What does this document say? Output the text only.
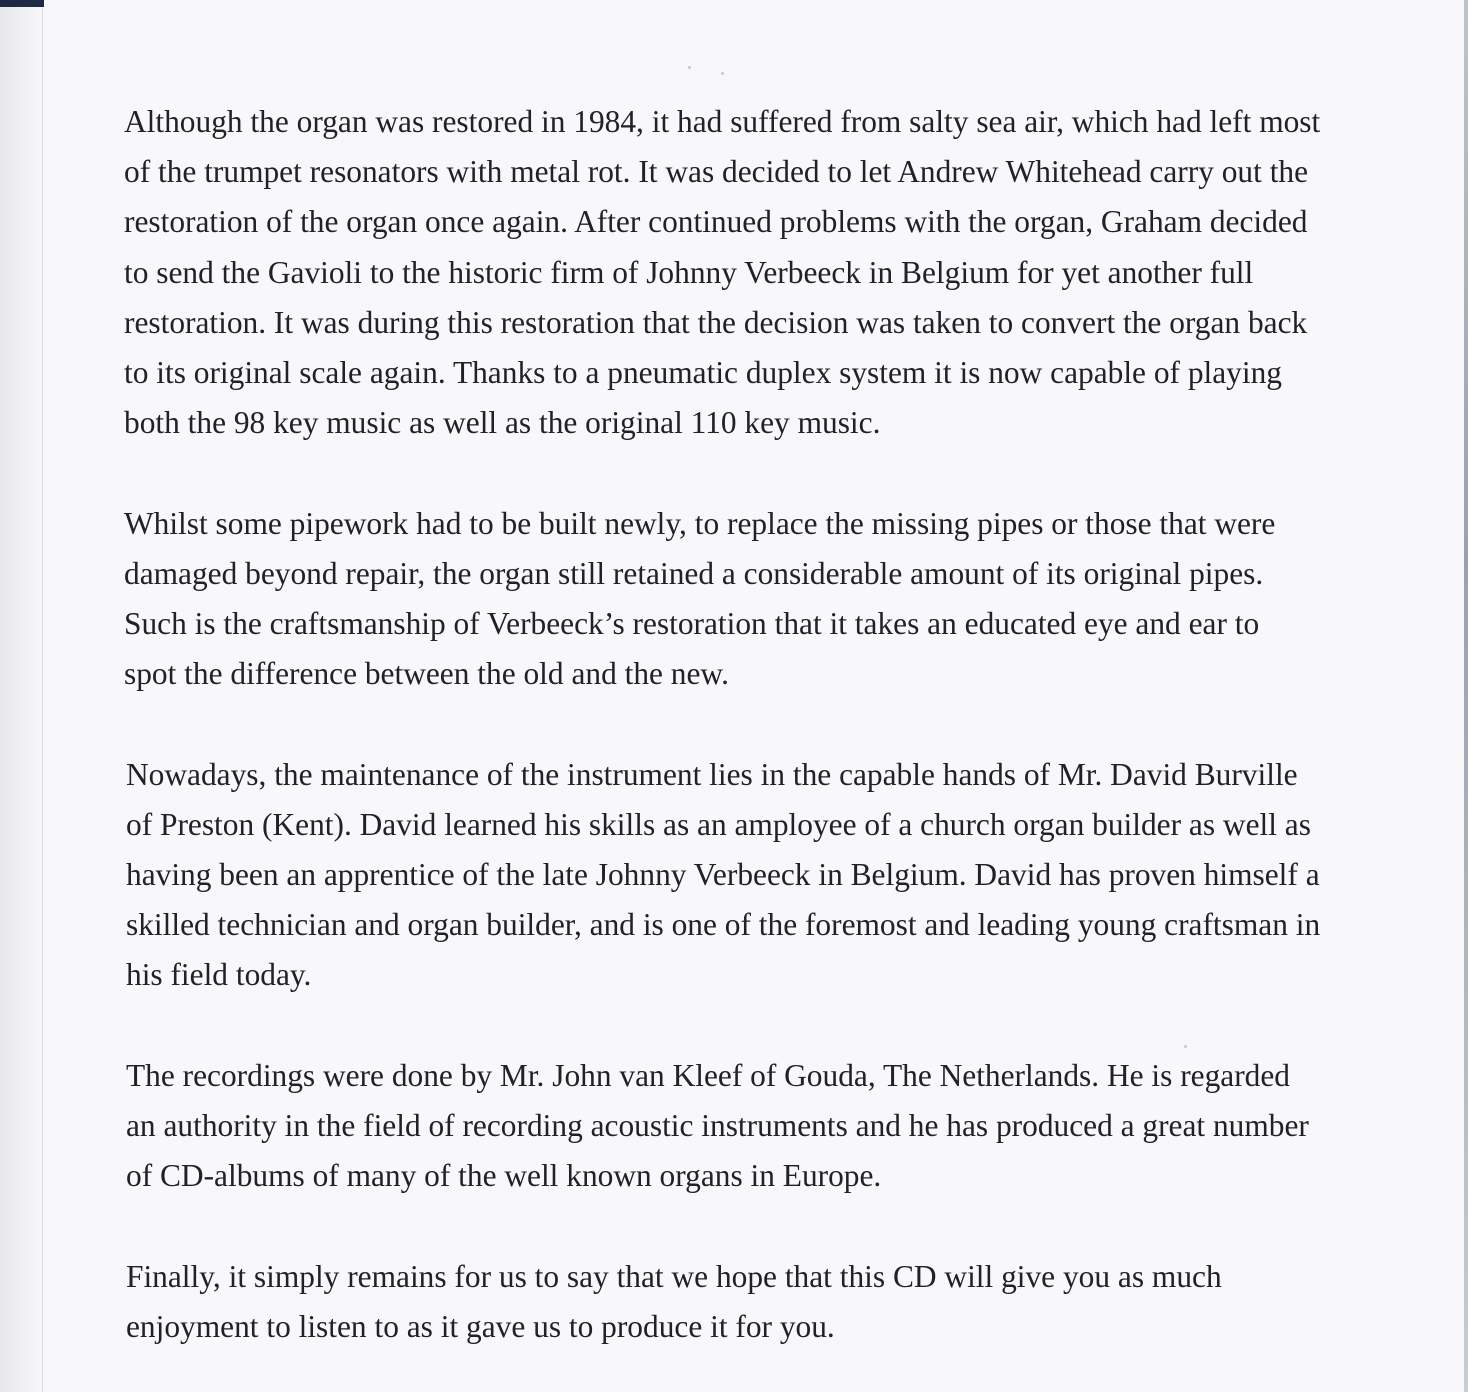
Although the organ was restored in 1984, it had suffered from salty sea air, which had left most
of the trumpet resonators with metal rot. It was decided to let Andrew Whitehead carry out the
restoration of the organ once again. After continued problems with the organ, Graham decided
to send the Gavioli to the historic firm of Johnny Verbeeck in Belgium for yet another full
restoration. It was during this restoration that the decision was taken to convert the organ back
to its original scale again. Thanks to a pneumatic duplex system it is now capable of playing
both the 98 key music as well as the original 110 key music.

Whilst some pipework had to be built newly, to replace the missing pipes or those that were
damaged beyond repair, the organ still retained a considerable amount of its original pipes.
Such is the craftsmanship of Verbeeck’s restoration that it takes an educated eye and ear to
spot the difference between the old and the new.

Nowadays, the maintenance of the instrument lies in the capable hands of Mr. David Burville
of Preston (Kent). David learned his skills as an amployee of a church organ builder as well as
having been an apprentice of the late Johnny Verbeeck in Belgium. David has proven himself a
skilled technician and organ builder, and is one of the foremost and leading young craftsman in
his field today.

The recordings were done by Mr. John van Kleef of Gouda, The Netherlands. He is regarded
an authority in the field of recording acoustic instruments and he has produced a great number
of CD-albums of many of the well known organs in Europe.

Finally, it simply remains for us to say that we hope that this CD will give you as much
enjoyment to listen to as it gave us to produce it for you.
